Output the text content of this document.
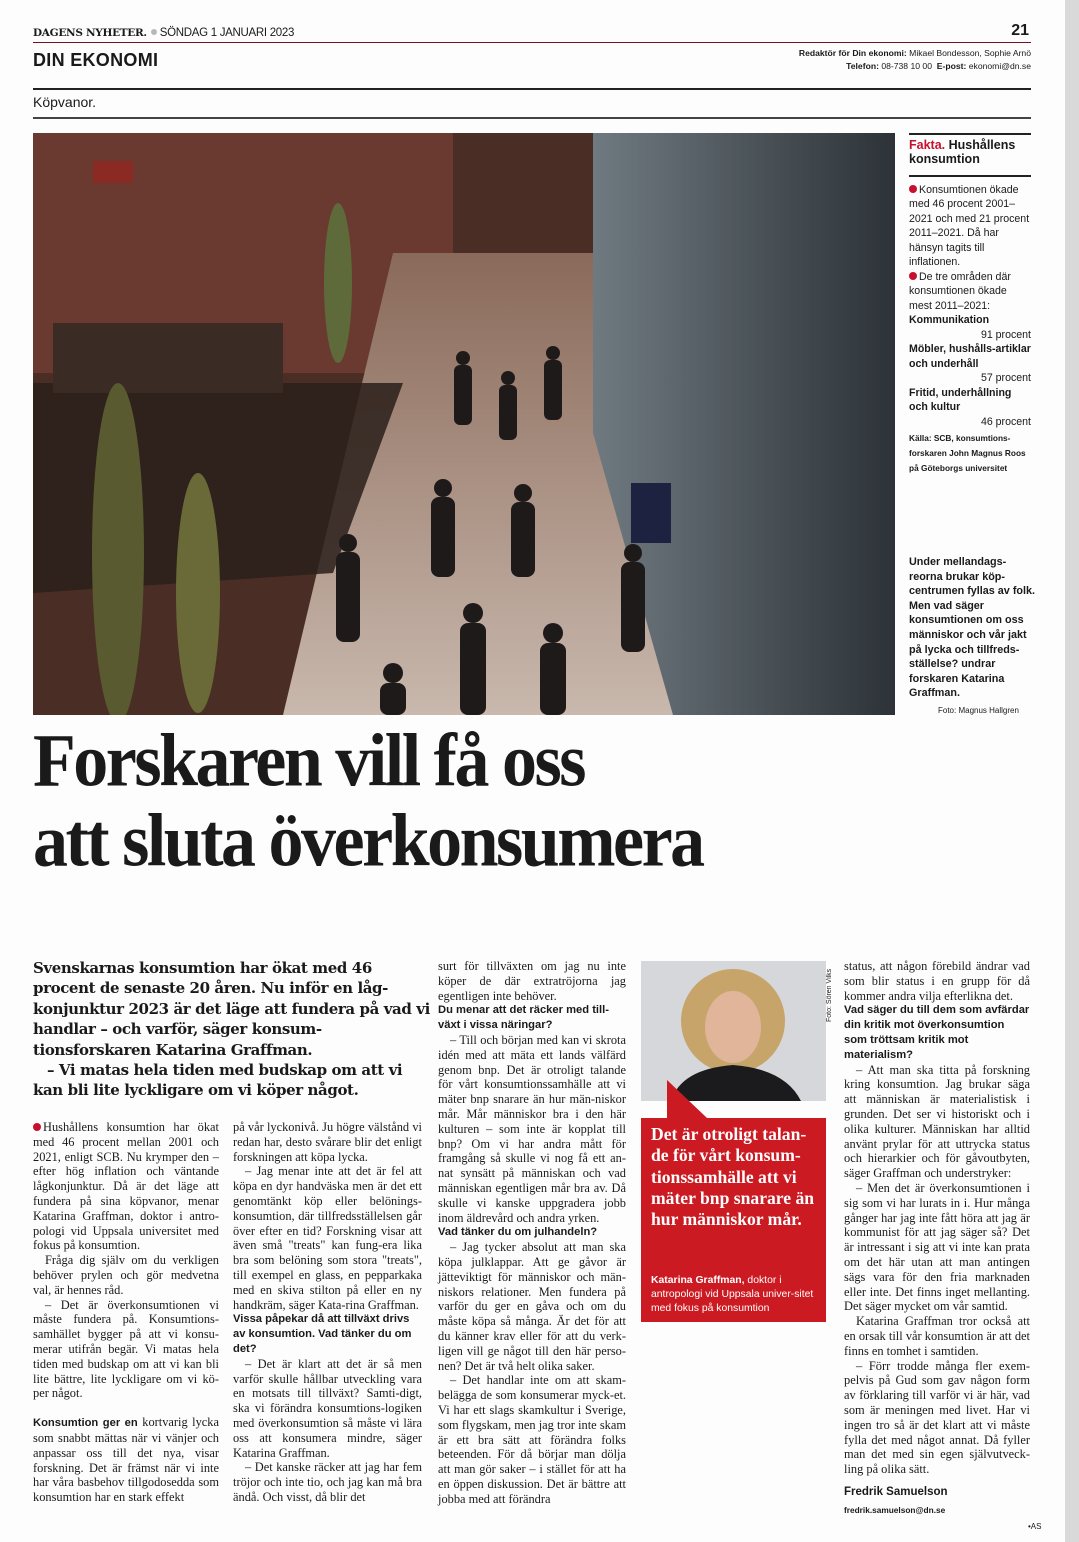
DAGENS NYHETER. SÖNDAG 1 JANUARI 2023	21
DIN EKONOMI	Redaktör för Din ekonomi: Mikael Bondesson, Sophie Arnö
Telefon: 08-738 10 00 E-post: ekonomi@dn.se
Köpvanor.
Fakta. Hushållens konsumtion

Konsumtionen ökade med 46 procent 2001–2021 och med 21 procent 2011–2021. Då har hänsyn tagits till inflationen.

De tre områden där konsumtionen ökade mest 2011–2021:

Kommunikation

91 procent

Möbler, hushålls-artiklar och underhåll

57 procent

Fritid, underhållning och kultur

46 procent

Källa: SCB, konsumtions-forskaren John Magnus Roos på Göteborgs universitet

Under mellandags-reorna brukar köp-centrumen fyllas av folk. Men vad säger konsumtionen om oss människor och vår jakt på lycka och tillfreds-ställelse? undrar forskaren Katarina Graffman.
Foto: Magnus Hallgren
Forskaren vill få oss
att sluta överkonsumera

Svenskarnas konsumtion har ökat med 46 procent de senaste 20 åren. Nu inför en låg-konjunktur 2023 är det läge att fundera på vad vi handlar – och varför, säger konsum-tionsforskaren Katarina Graffman.

– Vi matas hela tiden med budskap om att vi kan bli lite lyckligare om vi köper något.

Hushållens konsumtion har ökat med 46 procent mellan 2001 och 2021, enligt SCB. Nu krymper den – efter hög inflation och väntande lågkonjunktur. Då är det läge att fundera på sina köpvanor, menar Katarina Graffman, doktor i antro-pologi vid Uppsala universitet med fokus på konsumtion.

Fråga dig själv om du verkligen behöver prylen och gör medvetna val, är hennes råd.

– Det är överkonsumtionen vi måste fundera på. Konsumtions-samhället bygger på att vi konsu-merar utifrån begär. Vi matas hela tiden med budskap om att vi kan bli lite bättre, lite lyckligare om vi kö-per något.

Konsumtion ger en kortvarig lycka som snabbt mättas när vi vänjer och anpassar oss till det nya, visar forskning. Det är främst när vi inte har våra basbehov tillgodosedda som konsumtion har en stark effekt

på vår lyckonivå. Ju högre välstånd vi redan har, desto svårare blir det enligt forskningen att köpa lycka.

– Jag menar inte att det är fel att köpa en dyr handväska men är det ett genomtänkt köp eller belönings-konsumtion, där tillfredsställelsen går över efter en tid? Forskning visar att även små "treats" kan fung-era lika bra som belöning som stora "treats", till exempel en glass, en pepparkaka med en skiva stilton på eller en ny handkräm, säger Kata-rina Graffman.

Vissa påpekar då att tillväxt drivs av konsumtion. Vad tänker du om det?

– Det är klart att det är så men varför skulle hållbar utveckling vara en motsats till tillväxt? Samti-digt, ska vi förändra konsumtions-logiken med överkonsumtion så måste vi lära oss att konsumera mindre, säger Katarina Graffman.

– Det kanske räcker att jag har fem tröjor och inte tio, och jag kan må bra ändå. Och visst, då blir det

surt för tillväxten om jag nu inte köper de där extratröjorna jag egentligen inte behöver.

Du menar att det räcker med till-växt i vissa näringar?

– Till och början med kan vi skrota idén med att mäta ett lands välfärd genom bnp. Det är otroligt talande för vårt konsumtionssamhälle att vi mäter bnp snarare än hur män-niskor mår. Mår människor bra i den här kulturen – som inte är kopplat till bnp? Om vi har andra mått för framgång så skulle vi nog få ett an-nat synsätt på människan och vad människan egentligen mår bra av. Då skulle vi kanske uppgradera jobb inom äldrevård och andra yrken.

Vad tänker du om julhandeln?

– Jag tycker absolut att man ska köpa julklappar. Att ge gåvor är jätteviktigt för människor och män-niskors relationer. Men fundera på varför du ger en gåva och om du måste köpa så många. Är det för att du känner krav eller för att du verk-ligen vill ge något till den här perso-nen? Det är två helt olika saker.

– Det handlar inte om att skam-belägga de som konsumerar myck-et. Vi har ett slags skamkultur i Sverige, som flygskam, men jag tror inte skam är ett bra sätt att förändra folks beteenden. För då börjar man dölja att man gör saker – i stället för att ha en öppen diskussion. Det är bättre att jobba med att förändra

Foto: Sören Vilks
Det är otroligt talan-de för vårt konsum-tionssamhälle att vi mäter bnp snarare än hur människor mår.
Katarina Graffman, doktor i antropologi vid Uppsala univer-sitet med fokus på konsumtion

status, att någon förebild ändrar vad som blir status i en grupp för då kommer andra vilja efterlikna det.

Vad säger du till dem som avfärdar din kritik mot överkonsumtion som tröttsam kritik mot materialism?

– Att man ska titta på forskning kring konsumtion. Jag brukar säga att människan är materialistisk i grunden. Det ser vi historiskt och i olika kulturer. Människan har alltid använt prylar för att uttrycka status och hierarkier och för gåvoutbyten, säger Graffman och understryker:

– Men det är överkonsumtionen i sig som vi har lurats in i. Hur många gånger har jag inte fått höra att jag är kommunist för att jag säger så? Det är intressant i sig att vi inte kan prata om det här utan att man antingen sägs vara för den fria marknaden eller inte. Det finns inget mellanting. Det säger mycket om vår samtid.

Katarina Graffman tror också att en orsak till vår konsumtion är att det finns en tomhet i samtiden.

– Förr trodde många fler exem-pelvis på Gud som gav någon form av förklaring till varför vi är här, vad som är meningen med livet. Har vi ingen tro så är det klart att vi måste fylla det med något annat. Då fyller man det med sin egen självutveck-ling på olika sätt.

Fredrik Samuelson
fredrik.samuelson@dn.se
•AS
